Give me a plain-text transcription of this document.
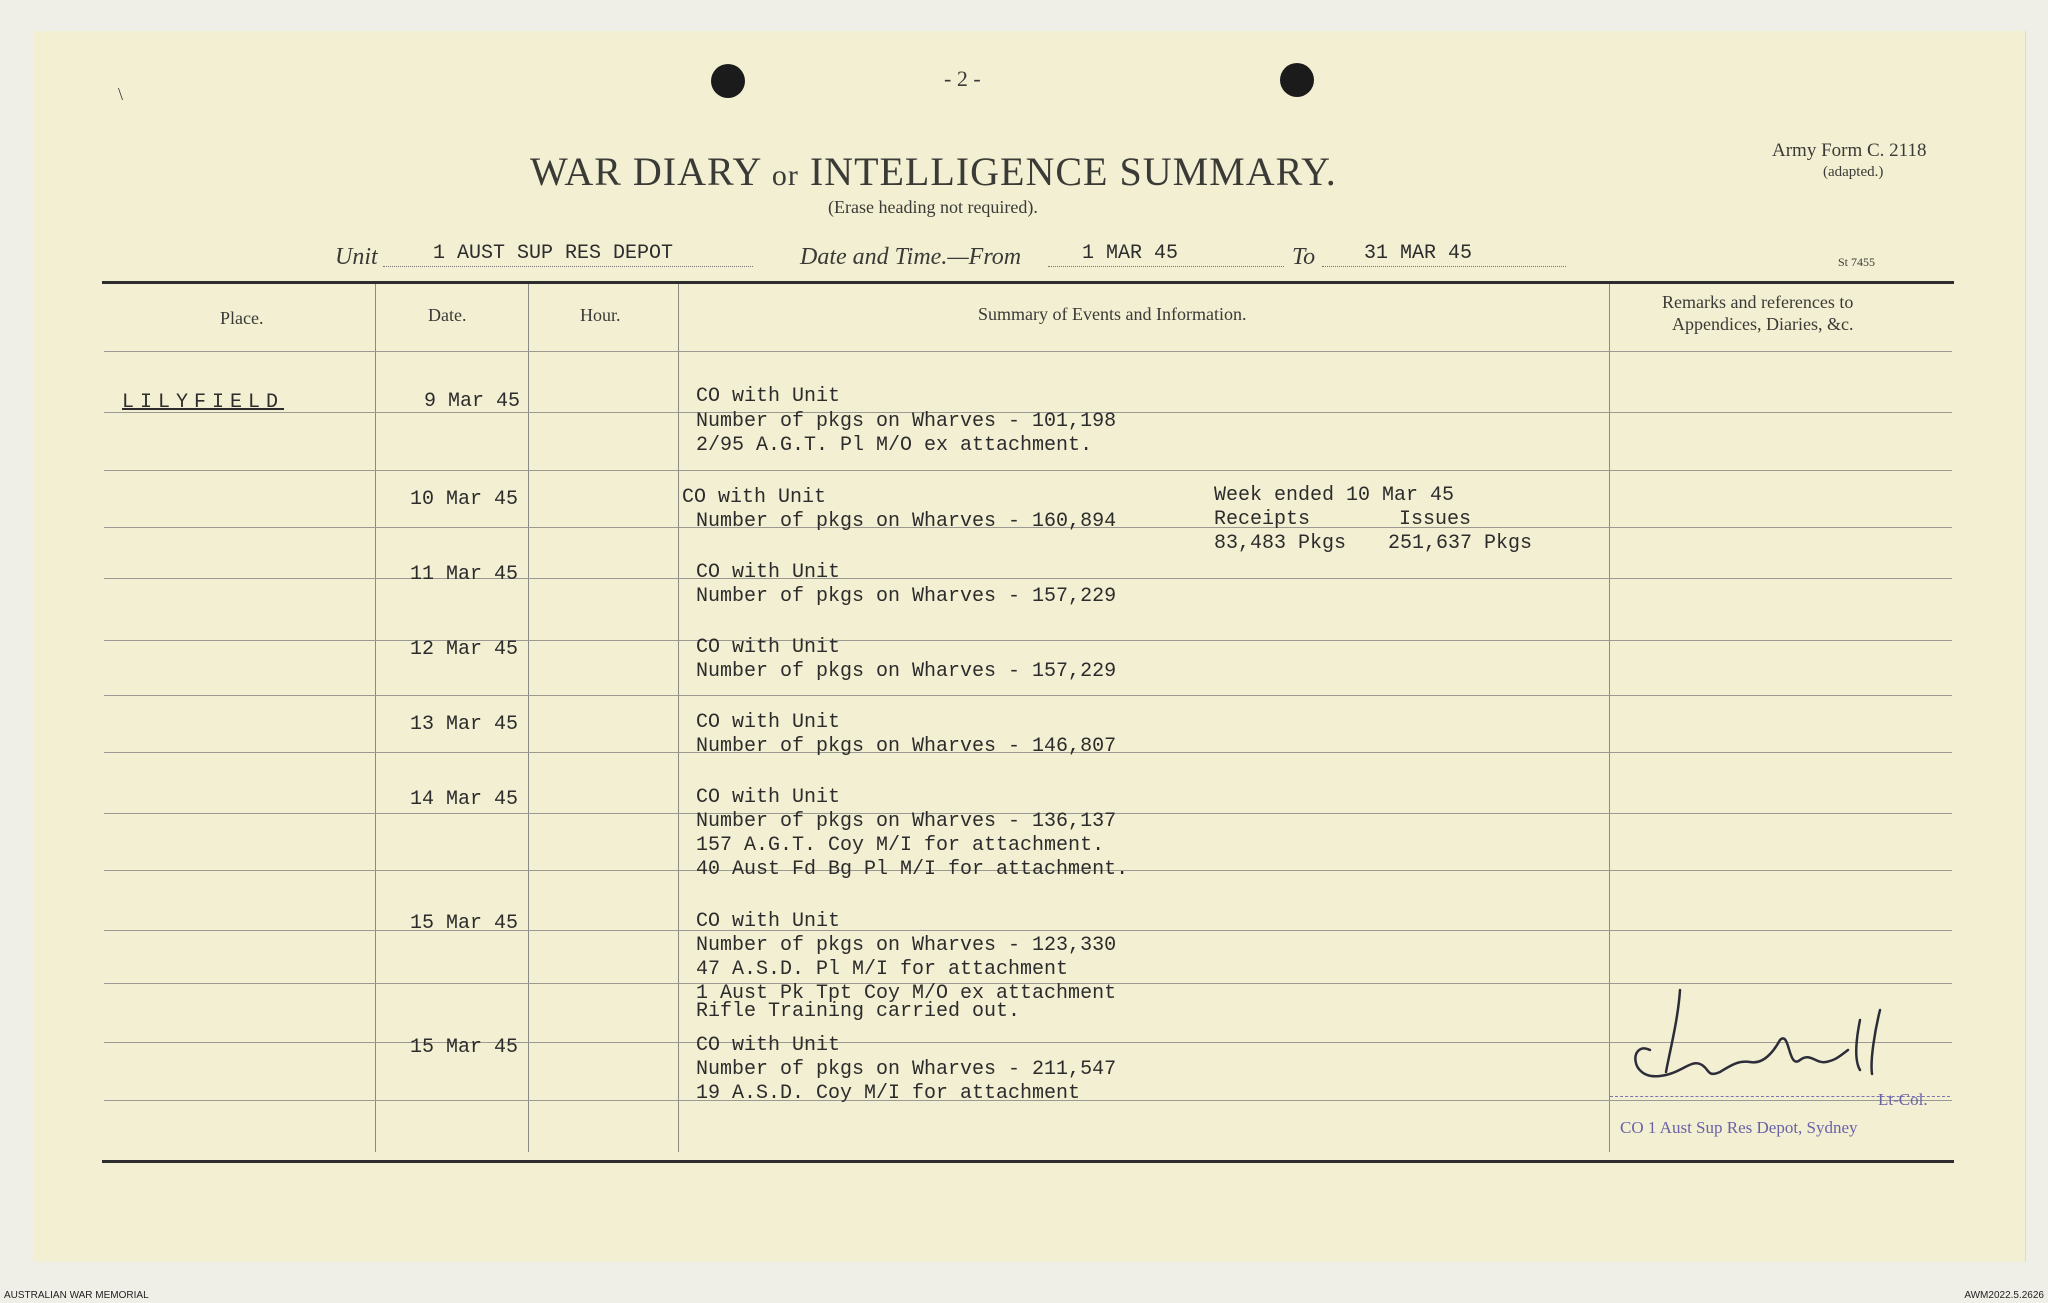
\
- 2 -
WAR DIARY or INTELLIGENCE SUMMARY.
(Erase heading not required).
Army Form C. 2118
(adapted.)
St 7455
Unit	1 AUST SUP RES DEPOT	Date and Time.—From	1 MAR 45	To 31 MAR 45
Place.	Date.	Hour.	Summary of Events and Information.
Remarks and references to
Appendices, Diaries, &c.
LILYFIELD	9 Mar 45	CO with Unit
Number of pkgs on Wharves - 101,198
2/95 A.G.T. Pl M/O ex attachment.
10 Mar 45	CO with Unit
Number of pkgs on Wharves - 160,894
11 Mar 45	CO with Unit
Number of pkgs on Wharves - 157,229
12 Mar 45	CO with Unit
Number of pkgs on Wharves - 157,229
13 Mar 45	CO with Unit
Number of pkgs on Wharves - 146,807
14 Mar 45	CO with Unit
Number of pkgs on Wharves - 136,137
157 A.G.T. Coy M/I for attachment.
40 Aust Fd Bg Pl M/I for attachment.
15 Mar 45	CO with Unit
Number of pkgs on Wharves - 123,330
47 A.S.D. Pl M/I for attachment
1 Aust Pk Tpt Coy M/O ex attachment
Rifle Training carried out.
15 Mar 45	CO with Unit
Number of pkgs on Wharves - 211,547
19 A.S.D. Coy M/I for attachment
Week ended 10 Mar 45
Receipts	Issues
83,483 Pkgs 251,637 Pkgs
Lt-Col.
CO 1 Aust Sup Res Depot, Sydney
AUSTRALIAN WAR MEMORIAL	AWM2022.5.2626
